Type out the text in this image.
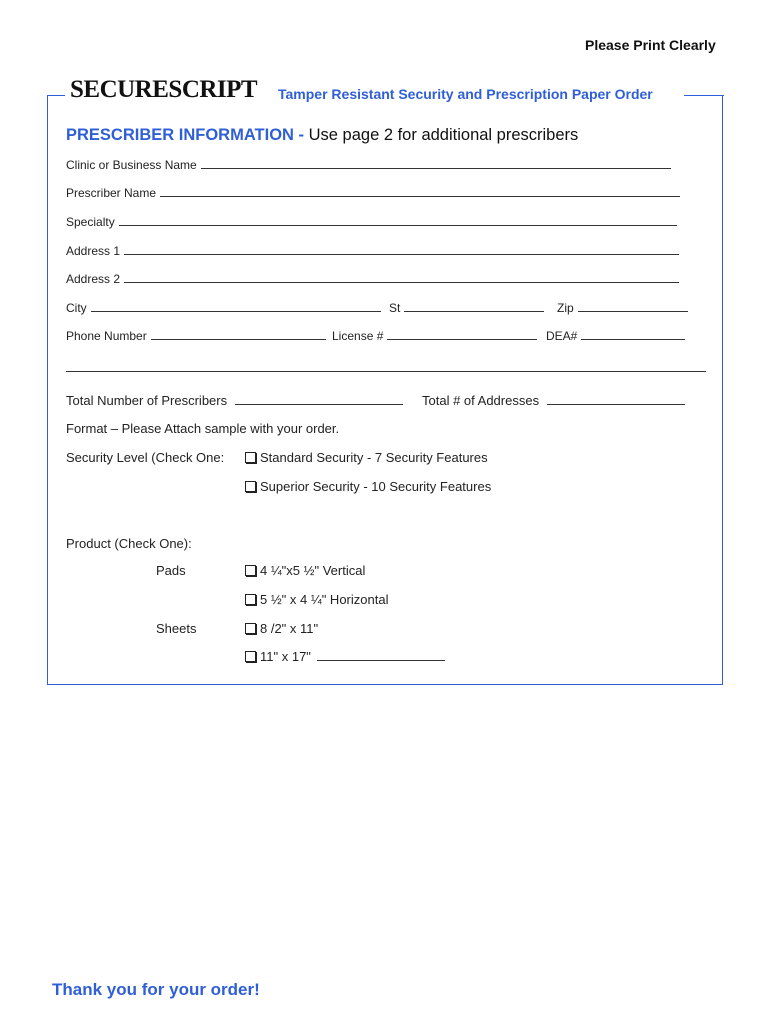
Please Print Clearly
SECURESCRIPT Tamper Resistant Security and Prescription Paper Order
PRESCRIBER INFORMATION - Use page 2 for additional prescribers
Clinic or Business Name
Prescriber Name
Specialty
Address 1
Address 2
City	St	Zip
Phone Number	License #	DEA#
Total Number of Prescribers	Total # of Addresses
Format – Please Attach sample with your order.
Security Level (Check One:	Standard Security - 7 Security Features
Superior Security - 10 Security Features
Product (Check One):
Pads	4 ¼"x5 ½" Vertical
5 ½" x 4 ¼" Horizontal
Sheets	8 /2" x 11"
11" x 17"
Thank you for your order!
